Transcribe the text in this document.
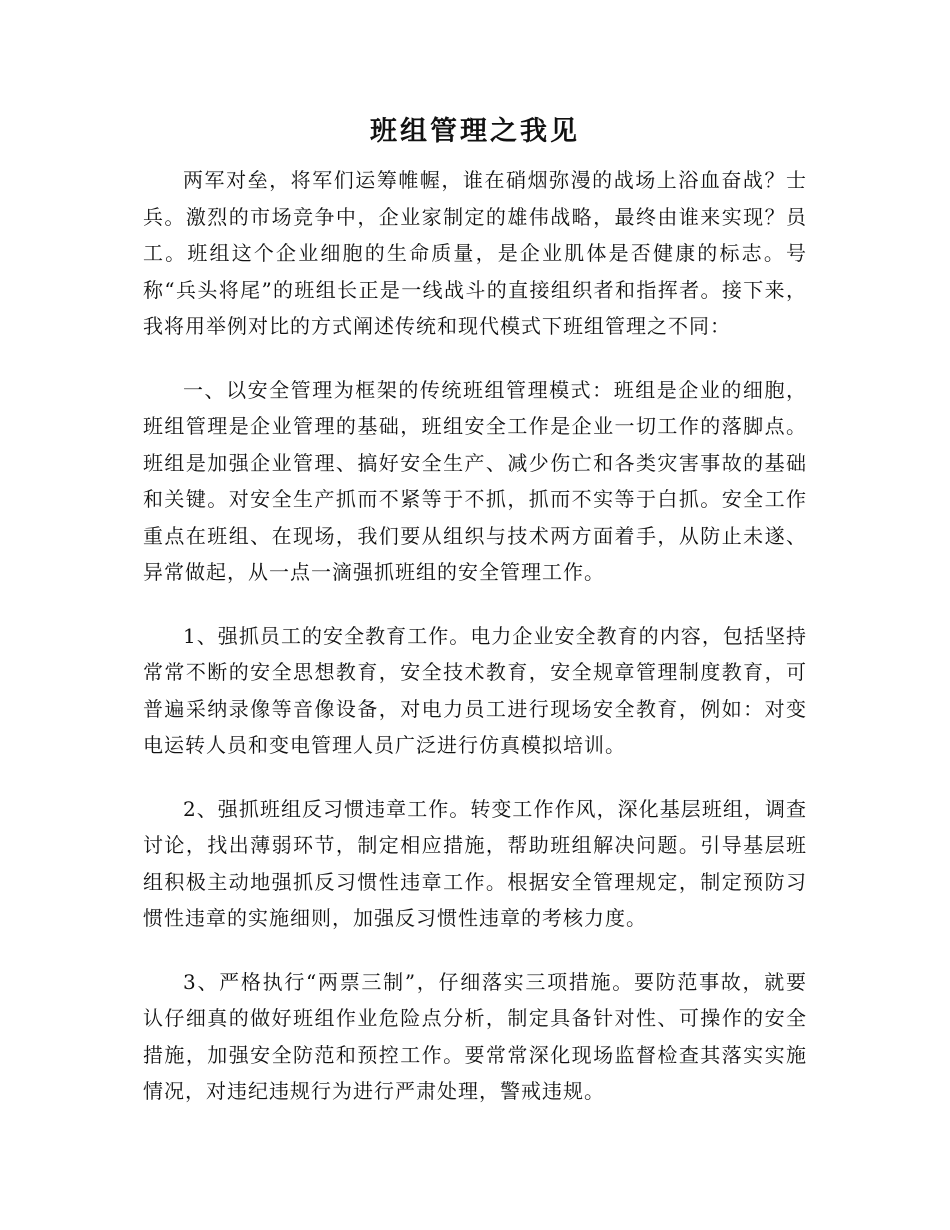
班组管理之我见

两军对垒，将军们运筹帷幄，谁在硝烟弥漫的战场上浴血奋战？士兵。激烈的市场竞争中，企业家制定的雄伟战略，最终由谁来实现？员工。班组这个企业细胞的生命质量，是企业肌体是否健康的标志。号称“兵头将尾”的班组长正是一线战斗的直接组织者和指挥者。接下来，我将用举例对比的方式阐述传统和现代模式下班组管理之不同：

一、以安全管理为框架的传统班组管理模式：班组是企业的细胞，班组管理是企业管理的基础，班组安全工作是企业一切工作的落脚点。班组是加强企业管理、搞好安全生产、减少伤亡和各类灾害事故的基础和关键。对安全生产抓而不紧等于不抓，抓而不实等于白抓。安全工作重点在班组、在现场，我们要从组织与技术两方面着手，从防止未遂、异常做起，从一点一滴强抓班组的安全管理工作。

1、强抓员工的安全教育工作。电力企业安全教育的内容，包括坚持常常不断的安全思想教育，安全技术教育，安全规章管理制度教育，可普遍采纳录像等音像设备，对电力员工进行现场安全教育，例如：对变电运转人员和变电管理人员广泛进行仿真模拟培训。

2、强抓班组反习惯违章工作。转变工作作风，深化基层班组，调查讨论，找出薄弱环节，制定相应措施，帮助班组解决问题。引导基层班组积极主动地强抓反习惯性违章工作。根据安全管理规定，制定预防习惯性违章的实施细则，加强反习惯性违章的考核力度。

3、严格执行“两票三制”，仔细落实三项措施。要防范事故，就要认仔细真的做好班组作业危险点分析，制定具备针对性、可操作的安全措施，加强安全防范和预控工作。要常常深化现场监督检查其落实实施情况，对违纪违规行为进行严肃处理，警戒违规。
